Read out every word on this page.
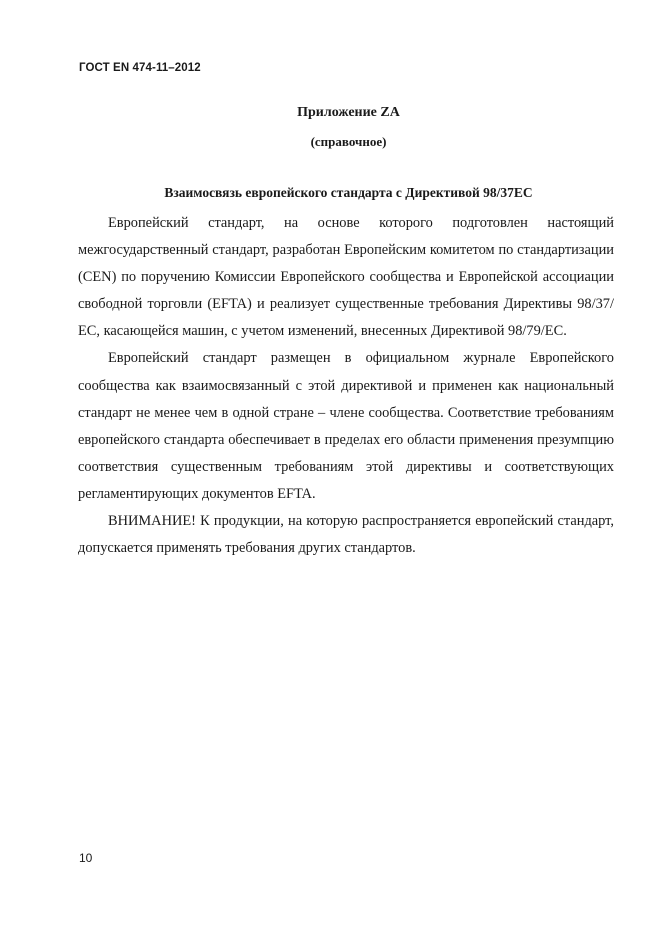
ГОСТ EN 474-11–2012
Приложение ZA
(справочное)
Взаимосвязь европейского стандарта с Директивой 98/37ЕС

Европейский стандарт, на основе которого подготовлен настоящий межгосударственный стандарт, разработан Европейским комитетом по стандартизации (CEN) по поручению Комиссии Европейского сообщества и Европейской ассоциации свободной торговли (EFTA) и реализует существенные требования Директивы 98/37/ЕС, касающейся машин, с учетом изменений, внесенных Директивой 98/79/ЕС.

Европейский стандарт размещен в официальном журнале Европейского сообщества как взаимосвязанный с этой директивой и применен как национальный стандарт не менее чем в одной стране – члене сообщества. Соответствие требованиям европейского стандарта обеспечивает в пределах его области применения презумпцию соответствия существенным требованиям этой директивы и соответствующих регламентирующих документов EFTA.

ВНИМАНИЕ! К продукции, на которую распространяется европейский стандарт, допускается применять требования других стандартов.

10
